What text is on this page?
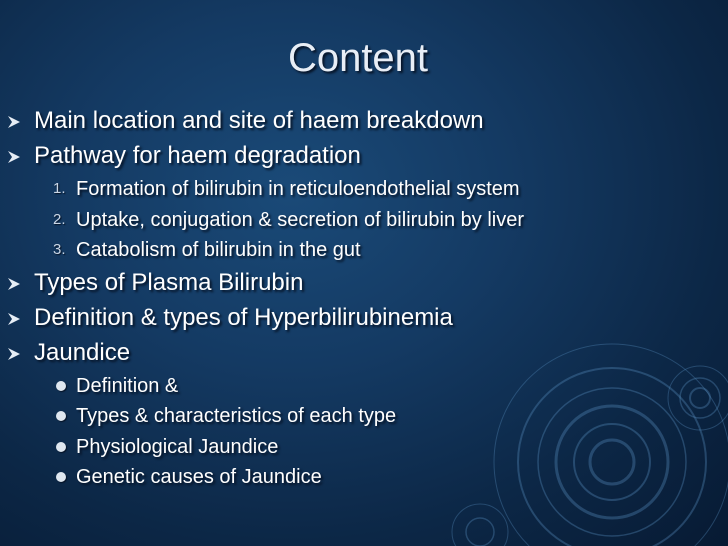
Content
Main location and site of haem breakdown
Pathway for haem degradation
1. Formation of bilirubin in reticuloendothelial system
2. Uptake, conjugation & secretion of bilirubin by liver
3. Catabolism of bilirubin in the gut
Types of Plasma Bilirubin
Definition & types of Hyperbilirubinemia
Jaundice
Definition &
Types & characteristics of each type
Physiological Jaundice
Genetic causes of Jaundice
